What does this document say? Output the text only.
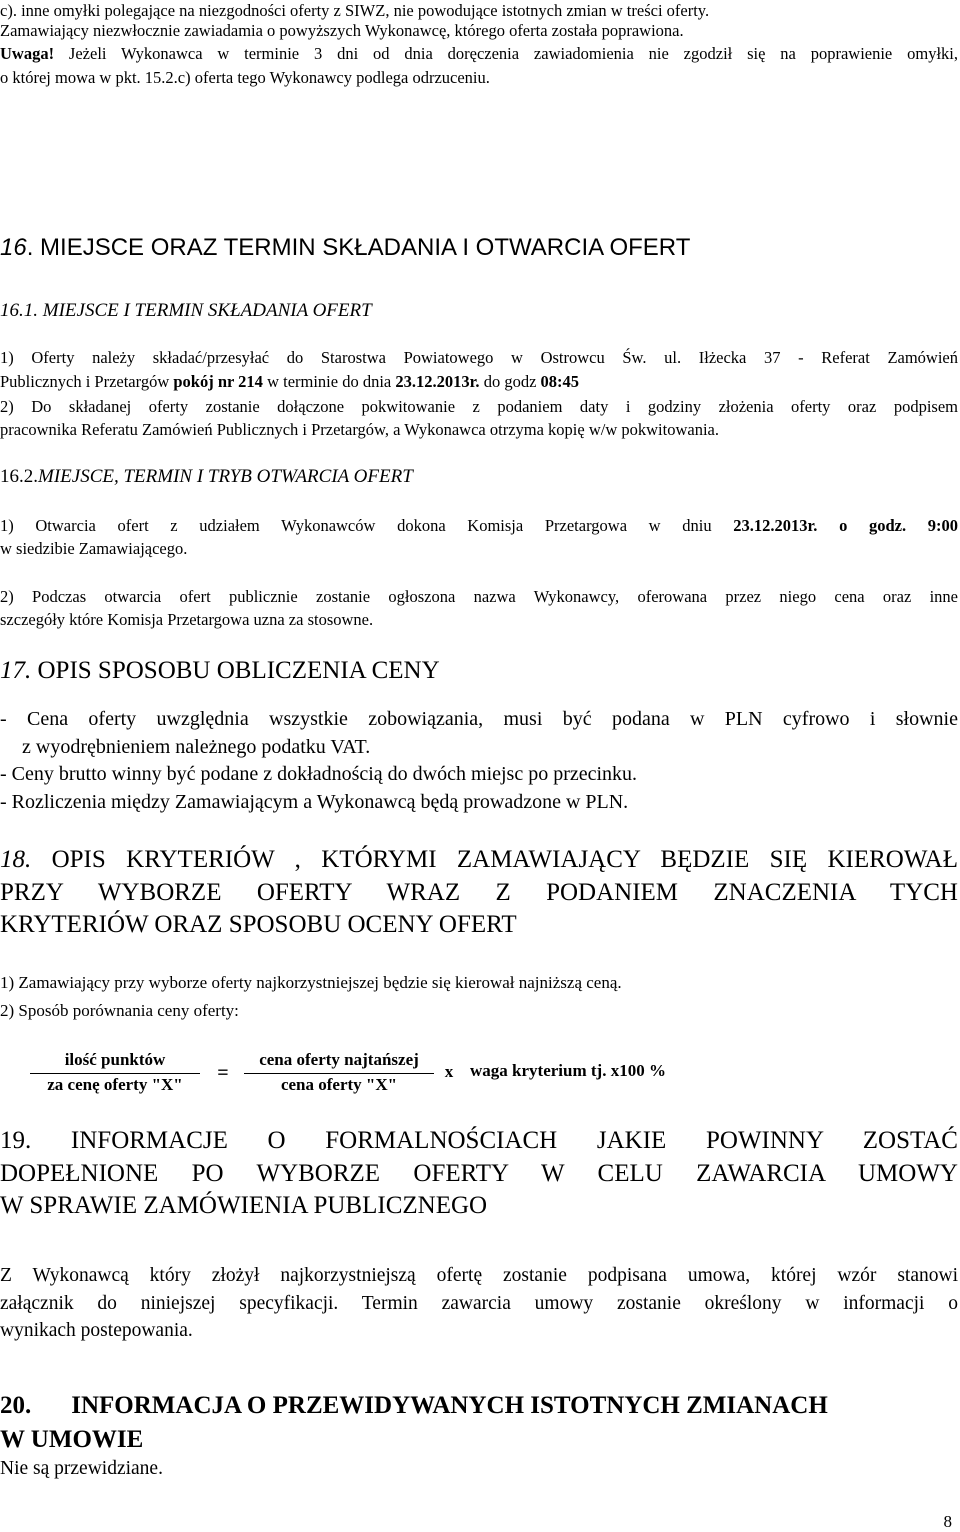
c). inne omyłki polegające na niezgodności oferty z SIWZ, nie powodujące istotnych zmian w treści oferty.
Zamawiający niezwłocznie zawiadamia o powyższych Wykonawcę, którego oferta została poprawiona.
Uwaga! Jeżeli Wykonawca w terminie 3 dni od dnia doręczenia zawiadomienia nie zgodził się na poprawienie omyłki,
o której mowa w pkt. 15.2.c) oferta tego Wykonawcy podlega odrzuceniu.
16. MIEJSCE ORAZ TERMIN SKŁADANIA I OTWARCIA OFERT
16.1. MIEJSCE I TERMIN SKŁADANIA OFERT
1) Oferty należy składać/przesyłać do Starostwa Powiatowego w Ostrowcu Św. ul. Iłżecka 37 - Referat Zamówień
Publicznych i Przetargów pokój nr 214 w terminie do dnia 23.12.2013r. do godz 08:45
2) Do składanej oferty zostanie dołączone pokwitowanie z podaniem daty i godziny złożenia oferty oraz podpisem
pracownika Referatu Zamówień Publicznych i Przetargów, a Wykonawca otrzyma kopię w/w pokwitowania.
16.2.MIEJSCE, TERMIN I TRYB OTWARCIA OFERT
1) Otwarcia ofert z udziałem Wykonawców dokona Komisja Przetargowa w dniu 23.12.2013r. o godz. 9:00
w siedzibie Zamawiającego.
2) Podczas otwarcia ofert publicznie zostanie ogłoszona nazwa Wykonawcy, oferowana przez niego cena oraz inne
szczegóły które Komisja Przetargowa uzna za stosowne.
17. OPIS SPOSOBU OBLICZENIA CENY
- Cena oferty uwzględnia wszystkie zobowiązania, musi być podana w PLN cyfrowo i słownie
z wyodrębnieniem należnego podatku VAT.
- Ceny brutto winny być podane z dokładnością do dwóch miejsc po przecinku.
- Rozliczenia między Zamawiającym a Wykonawcą będą prowadzone w PLN.
18. OPIS KRYTERIÓW , KTÓRYMI ZAMAWIAJĄCY BĘDZIE SIĘ KIEROWAŁ
PRZY WYBORZE OFERTY WRAZ Z PODANIEM ZNACZENIA TYCH
KRYTERIÓW ORAZ SPOSOBU OCENY OFERT
1) Zamawiający przy wyborze oferty najkorzystniejszej będzie się kierował najniższą ceną.
2) Sposób porównania ceny oferty:
ilość punktów
za cenę oferty "X"
=
cena oferty najtańszej
cena oferty "X"
x waga kryterium tj. x100 %
19. INFORMACJE O FORMALNOŚCIACH JAKIE POWINNY ZOSTAĆ
DOPEŁNIONE PO WYBORZE OFERTY W CELU ZAWARCIA UMOWY
W SPRAWIE ZAMÓWIENIA PUBLICZNEGO
Z Wykonawcą który złożył najkorzystniejszą ofertę zostanie podpisana umowa, której wzór stanowi
załącznik do niniejszej specyfikacji. Termin zawarcia umowy zostanie określony w informacji o
wynikach postepowania.
20. INFORMACJA O PRZEWIDYWANYCH ISTOTNYCH ZMIANACH
W UMOWIE
Nie są przewidziane.
8
